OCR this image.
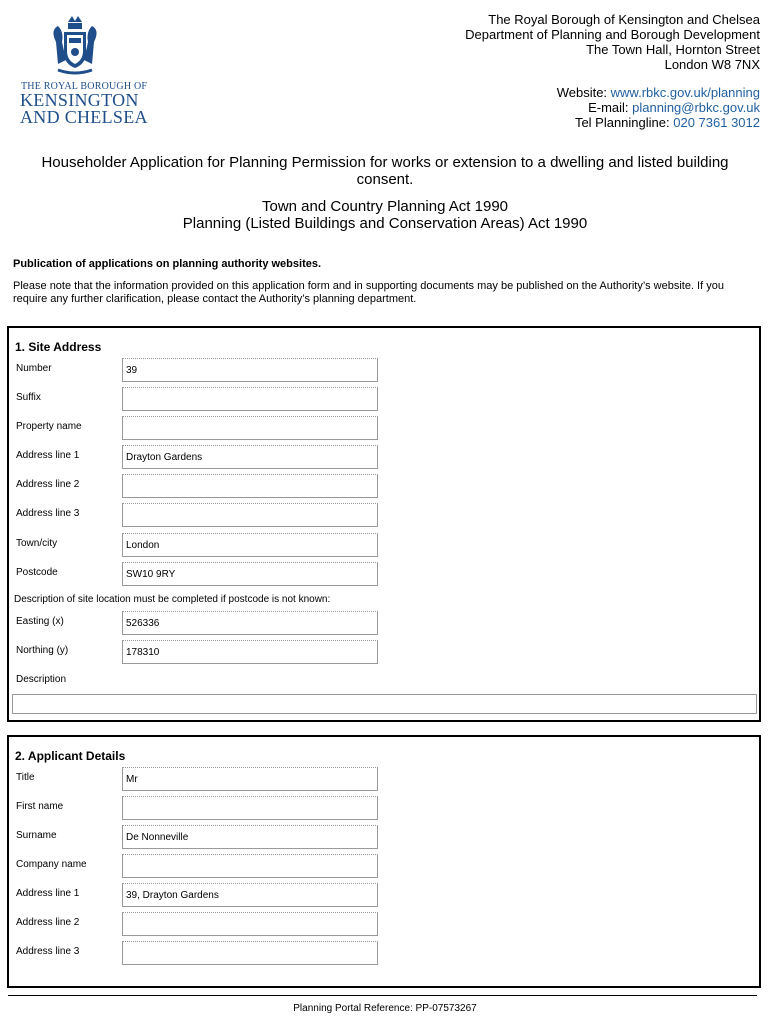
THE ROYAL BOROUGH OF
KENSINGTON
AND CHELSEA
The Royal Borough of Kensington and Chelsea
Department of Planning and Borough Development
The Town Hall, Hornton Street
London W8 7NX
Website: www.rbkc.gov.uk/planning
E-mail: planning@rbkc.gov.uk
Tel Planningline: 020 7361 3012
Householder Application for Planning Permission for works or extension to a dwelling and listed building
consent.
Town and Country Planning Act 1990
Planning (Listed Buildings and Conservation Areas) Act 1990
Publication of applications on planning authority websites.
Please note that the information provided on this application form and in supporting documents may be published on the Authority’s website. If you require any further clarification, please contact the Authority’s planning department.
1. Site Address
Number	39
Suffix
Property name
Address line 1	Drayton Gardens
Address line 2
Address line 3
Town/city	London
Postcode	SW10 9RY
Description of site location must be completed if postcode is not known:
Easting (x)	526336
Northing (y)	178310
Description
2. Applicant Details
Title	Mr
First name
Surname	De Nonneville
Company name
Address line 1	39, Drayton Gardens
Address line 2
Address line 3
Planning Portal Reference: PP-07573267
